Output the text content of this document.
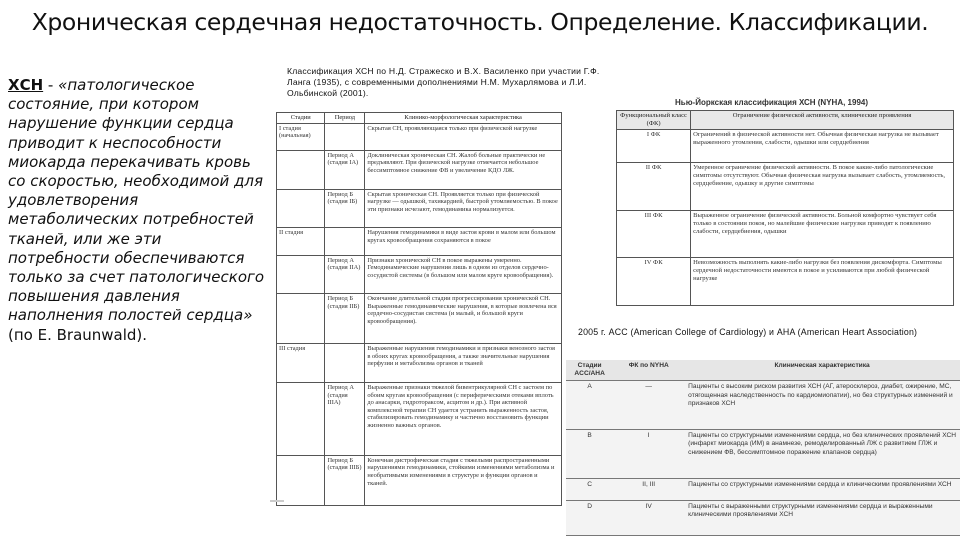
Хроническая сердечная недостаточность. Определение. Классификации.
ХСН - «патологическое состояние, при котором нарушение функции сердца приводит к неспособности миокарда перекачивать кровь со скоростью, необходимой для удовлетворения метаболических потребностей тканей, или же эти потребности обеспечиваются только за счет патологического повышения давления наполнения полостей сердца» (по E. Braunwald).
Классификация ХСН по Н.Д. Стражеско и В.Х. Василенко при участии Г.Ф. Ланга (1935), с современными дополнениями Н.М. Мухарлямова и Л.И. Ольбинской (2001).
Стадии	Период	Клинико-морфологическая характеристика
I стадия (начальная)		Скрытая СН, проявляющаяся только при физической нагрузке
	Период А (стадия IА)	Доклиническая хроническая СН. Жалоб больные практически не предъявляют. При физической нагрузке отмечается небольшое бессимптомное снижение ФВ и увеличение КДО ЛЖ.
	Период Б (стадия IБ)	Скрытая хроническая СН. Проявляется только при физической нагрузке — одышкой, тахикардией, быстрой утомляемостью. В покое эти признаки исчезают, гемодинамика нормализуется.
II стадия		Нарушения гемодинамики в виде застоя крови в малом или большом кругах кровообращения сохраняются в покое
	Период А (стадия IIА)	Признаки хронической СН в покое выражены умеренно. Гемодинамические нарушения лишь в одном из отделов сердечно-сосудистой системы (в большом или малом круге кровообращения).
	Период Б (стадия IIБ)	Окончание длительной стадии прогрессирования хронической СН. Выраженные гемодинамические нарушения, в которые вовлечена вся сердечно-сосудистая система (и малый, и большой круги кровообращения).
III стадия		Выраженные нарушения гемодинамики и признаки венозного застоя в обоих кругах кровообращения, а также значительные нарушения перфузии и метаболизма органов и тканей
	Период А (стадия IIIА)	Выраженные признаки тяжелой бивентрикулярной СН с застоем по обоим кругам кровообращения (с периферическими отеками вплоть до анасарки, гидротораксом, асцитом и др.). При активной комплексной терапии СН удается устранить выраженность застоя, стабилизировать гемодинамику и частично восстановить функции жизненно важных органов.
	Период Б (стадия IIIБ)	Конечная дистрофическая стадия с тяжелыми распространенными нарушениями гемодинамики, стойкими изменениями метаболизма и необратимыми изменениями в структуре и функции органов и тканей.
Нью-Йоркская классификация ХСН (NYHA, 1994)
Функциональный класс (ФК)	Ограничение физической активности, клинические проявления
I ФК	Ограничений в физической активности нет. Обычная физическая нагрузка не вызывает выраженного утомления, слабости, одышки или сердцебиения
II ФК	Умеренное ограничение физической активности. В покое какие-либо патологические симптомы отсутствуют. Обычная физическая нагрузка вызывает слабость, утомляемость, сердцебиение, одышку и другие симптомы
III ФК	Выраженное ограничение физической активности. Больной комфортно чувствует себя только в состоянии покоя, но малейшие физические нагрузки приводят к появлению слабости, сердцебиения, одышки
IV ФК	Невозможность выполнять какие-либо нагрузки без появления дискомфорта. Симптомы сердечной недостаточности имеются в покое и усиливаются при любой физической нагрузке
2005 г. ACC (American College of Cardiology) и AHA (American Heart Association)
Стадии ACC/AHA	ФК по NYHA	Клиническая характеристика
A	—	Пациенты с высоким риском развития ХСН (АГ, атеросклероз, диабет, ожирение, МС, отягощенная наследственность по кардиомиопатии), но без структурных изменений и признаков ХСН
B	I	Пациенты со структурными изменениями сердца, но без клинических проявлений ХСН (инфаркт миокарда (ИМ) в анамнезе, ремоделированный ЛЖ с развитием ГЛЖ и снижением ФВ, бессимптомное поражение клапанов сердца)
C	II, III	Пациенты со структурными изменениями сердца и клиническими проявлениями ХСН
D	IV	Пациенты с выраженными структурными изменениями сердца и выраженными клиническими проявлениями ХСН
